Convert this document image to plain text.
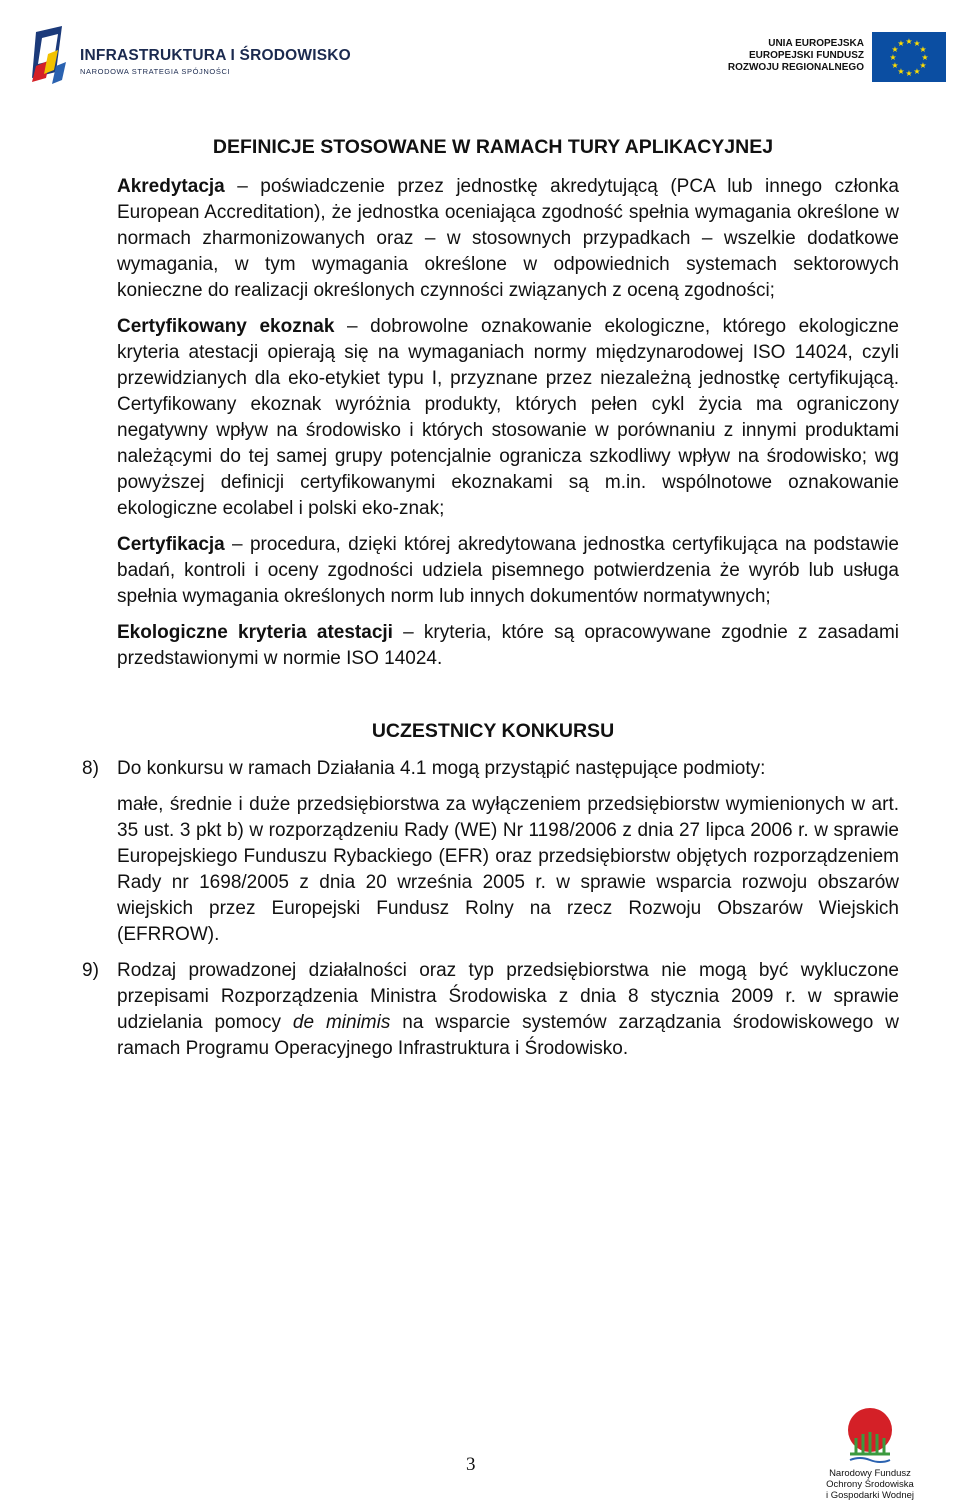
INFRASTRUKTURA I ŚRODOWISKO
NARODOWA STRATEGIA SPÓJNOŚCI
UNIA EUROPEJSKA
EUROPEJSKI FUNDUSZ
ROZWOJU REGIONALNEGO
★ ★
★
★
★
★
★
★
★
★
★
★

DEFINICJE STOSOWANE W RAMACH TURY APLIKACYJNEJ

Akredytacja – poświadczenie przez jednostkę akredytującą (PCA lub innego członka European Accreditation), że jednostka oceniająca zgodność spełnia wymagania określone w normach zharmonizowanych oraz – w stosownych przypadkach – wszelkie dodatkowe wymagania, w tym wymagania określone w odpowiednich systemach sektorowych konieczne do realizacji określonych czynności związanych z oceną zgodności;

Certyfikowany ekoznak – dobrowolne oznakowanie ekologiczne, którego ekologiczne kryteria atestacji opierają się na wymaganiach normy międzynarodowej ISO 14024, czyli przewidzianych dla eko-etykiet typu I, przyznane przez niezależną jednostkę certyfikującą. Certyfikowany ekoznak wyróżnia produkty, których pełen cykl życia ma ograniczony negatywny wpływ na środowisko i których stosowanie w porównaniu z innymi produktami należącymi do tej samej grupy potencjalnie ogranicza szkodliwy wpływ na środowisko; wg powyższej definicji certyfikowanymi ekoznakami są m.in. wspólnotowe oznakowanie ekologiczne ecolabel i polski eko-znak;

Certyfikacja – procedura, dzięki której akredytowana jednostka certyfikująca na podstawie badań, kontroli i oceny zgodności udziela pisemnego potwierdzenia że wyrób lub usługa spełnia wymagania określonych norm lub innych dokumentów normatywnych;

Ekologiczne kryteria atestacji – kryteria, które są opracowywane zgodnie z zasadami przedstawionymi w normie ISO 14024.

UCZESTNICY KONKURSU

8) Do konkursu w ramach Działania 4.1 mogą przystąpić następujące podmioty:

małe, średnie i duże przedsiębiorstwa za wyłączeniem przedsiębiorstw wymienionych w art. 35 ust. 3 pkt b) w rozporządzeniu Rady (WE) Nr 1198/2006 z dnia 27 lipca 2006 r. w sprawie Europejskiego Funduszu Rybackiego (EFR) oraz przedsiębiorstw objętych rozporządzeniem Rady nr 1698/2005 z dnia 20 września 2005 r. w sprawie wsparcia rozwoju obszarów wiejskich przez Europejski Fundusz Rolny na rzecz Rozwoju Obszarów Wiejskich (EFRROW).

9) Rodzaj prowadzonej działalności oraz typ przedsiębiorstwa nie mogą być wykluczone przepisami Rozporządzenia Ministra Środowiska z dnia 8 stycznia 2009 r. w sprawie udzielania pomocy de minimis na wsparcie systemów zarządzania środowiskowego w ramach Programu Operacyjnego Infrastruktura i Środowisko.

3	Narodowy Fundusz
Ochrony Środowiska
i Gospodarki Wodnej
